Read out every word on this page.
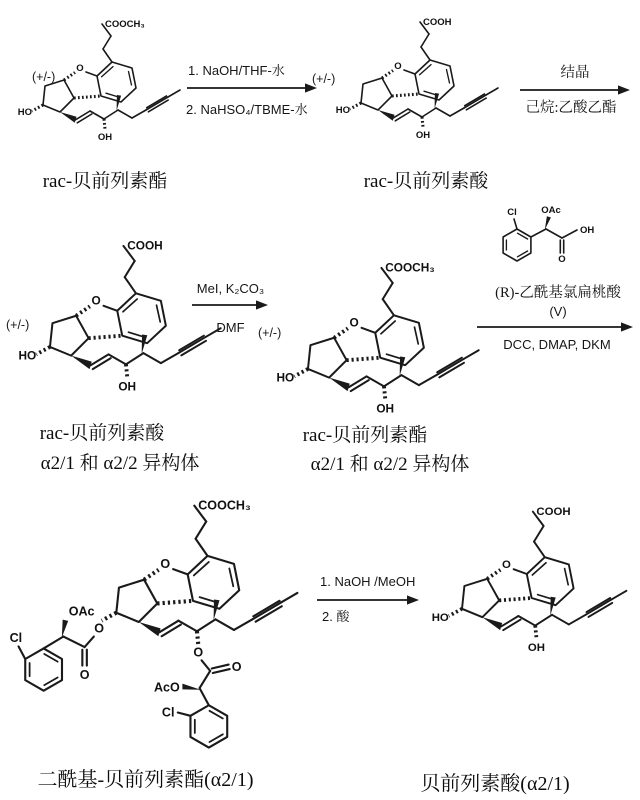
O
COOCH₃
HO
OH
(+/-)
rac-贝前列素酯
1. NaOH/THF-水
2. NaHSO₄/TBME-水
COOH
HO
OH
(+/-)
rac-贝前列素酸
结晶
己烷:乙酸乙酯
COOH
HO
OH
(+/-)
rac-贝前列素酸
α2/1 和 α2/2 异构体
MeI, K₂CO₃
DMF
COOCH₃
HO
OH
(+/-)
rac-贝前列素酯
α2/1 和 α2/2 异构体
Cl	OAc
OH
O
(R)-乙酰基氯扁桃酸
(V)
DCC, DMAP, DKM
COOCH₃
O
O
OAc
Cl
O
O
AcO
Cl
二酰基-贝前列素酯(α2/1)
1. NaOH /MeOH
2. 酸
COOH
HO
OH
贝前列素酸(α2/1)
